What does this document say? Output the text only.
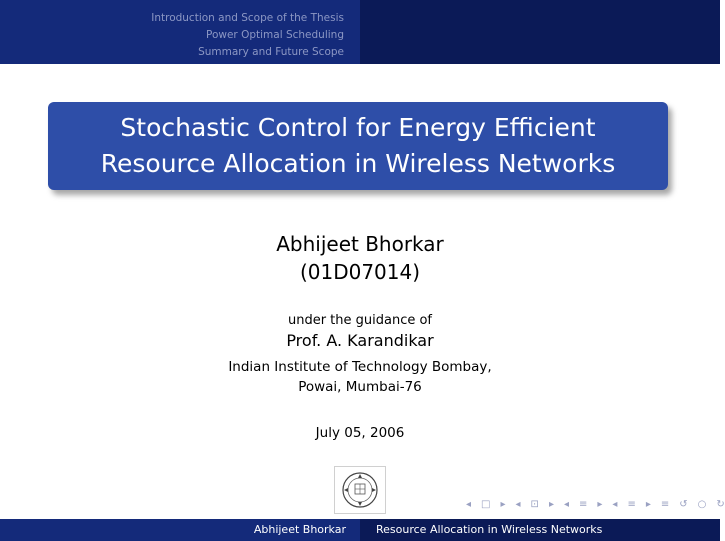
Introduction and Scope of the Thesis
Power Optimal Scheduling
Summary and Future Scope
Stochastic Control for Energy Efficient
Resource Allocation in Wireless Networks
Abhijeet Bhorkar
(01D07014)
under the guidance of
Prof. A. Karandikar
Indian Institute of Technology Bombay,
Powai, Mumbai-76
July 05, 2006
◂ □ ▸ ◂ ⊡ ▸ ◂ ≡ ▸ ◂ ≡ ▸ ≡ ↺ ○ ↻
Abhijeet Bhorkar	Resource Allocation in Wireless Networks
